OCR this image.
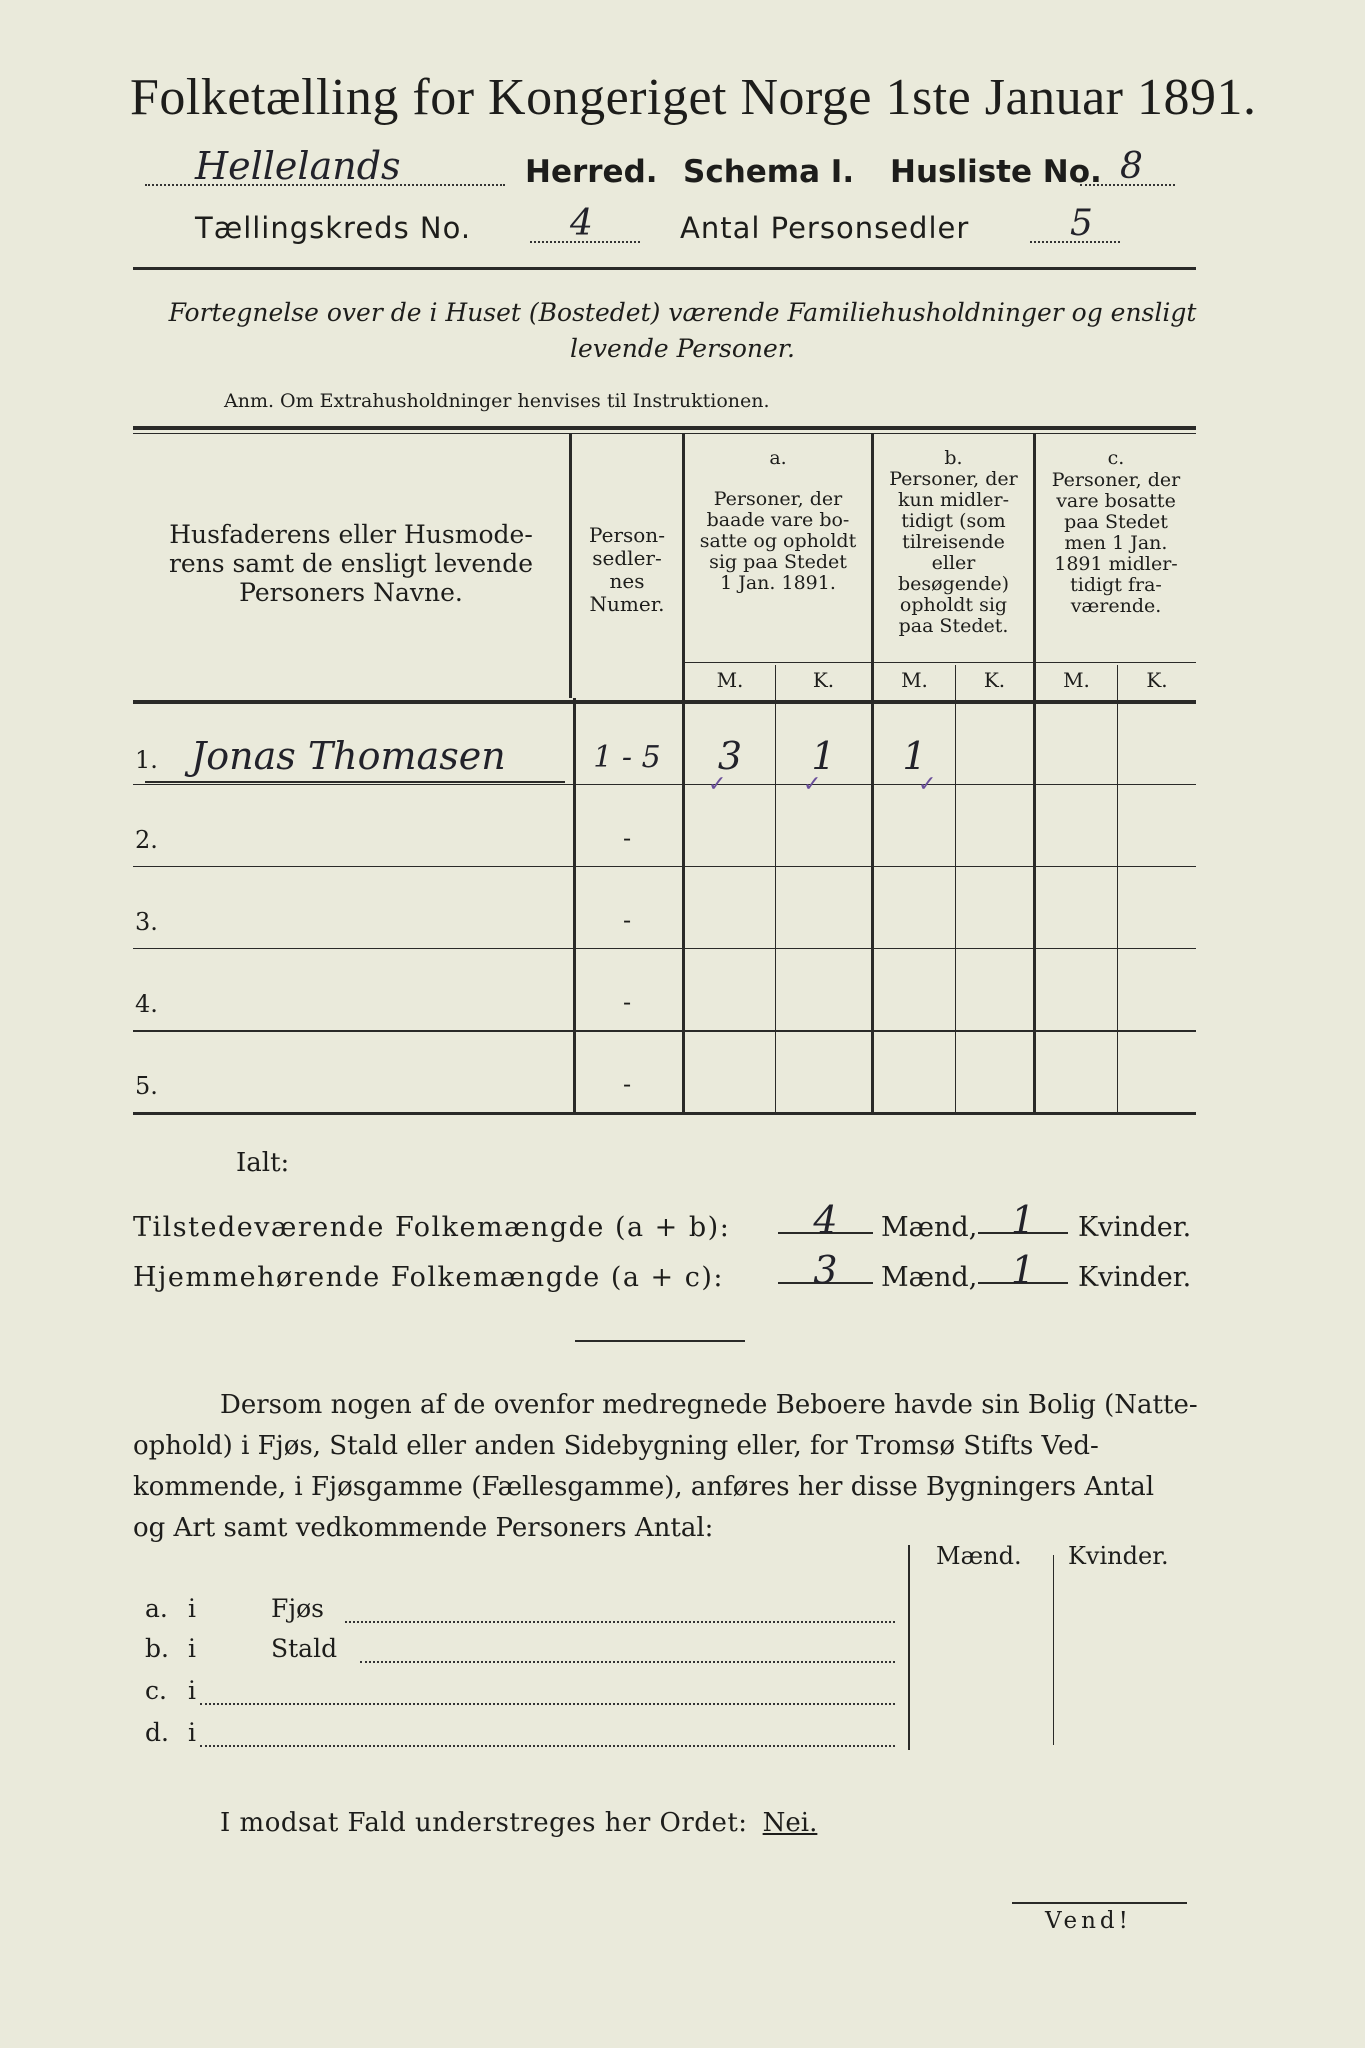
Folketælling for Kongeriget Norge 1ste Januar 1891.
Hellelands	Herred. Schema I. Husliste No. 8
Tællingskreds No.	4	Antal Personsedler	5
Fortegnelse over de i Huset (Bostedet) værende Familiehusholdninger og ensligt
levende Personer.
Anm. Om Extrahusholdninger henvises til Instruktionen.
Husfaderens eller Husmode-
rens samt de ensligt levende
Personers Navne.
Person-
sedler-
nes
Numer.
a.
Personer, der
baade vare bo-
satte og opholdt
sig paa Stedet
1 Jan. 1891.
b.
Personer, der
kun midler-
tidigt (som
tilreisende
eller
besøgende)
opholdt sig
paa Stedet.
c.
Personer, der
vare bosatte
paa Stedet
men 1 Jan.
1891 midler-
tidigt fra-
værende.
M.	K.	M.	K.	M.	K.
1. Jonas Thomasen	1 - 5	3	1	1
✓	✓	✓
2.	-
3.	-
4.	-
5.	-
Ialt:
Tilstedeværende Folkemængde (a + b):	4	Mænd, 1	Kvinder.
Hjemmehørende Folkemængde (a + c):	3	Mænd, 1	Kvinder.
Dersom nogen af de ovenfor medregnede Beboere havde sin Bolig (Natte-
ophold) i Fjøs, Stald eller anden Sidebygning eller, for Tromsø Stifts Ved-
kommende, i Fjøsgamme (Fællesgamme), anføres her disse Bygningers Antal
og Art samt vedkommende Personers Antal:
Mænd. Kvinder.
a. i	Fjøs
b. i	Stald
c. i
d. i
I modsat Fald understreges her Ordet: Nei.
Vend!
